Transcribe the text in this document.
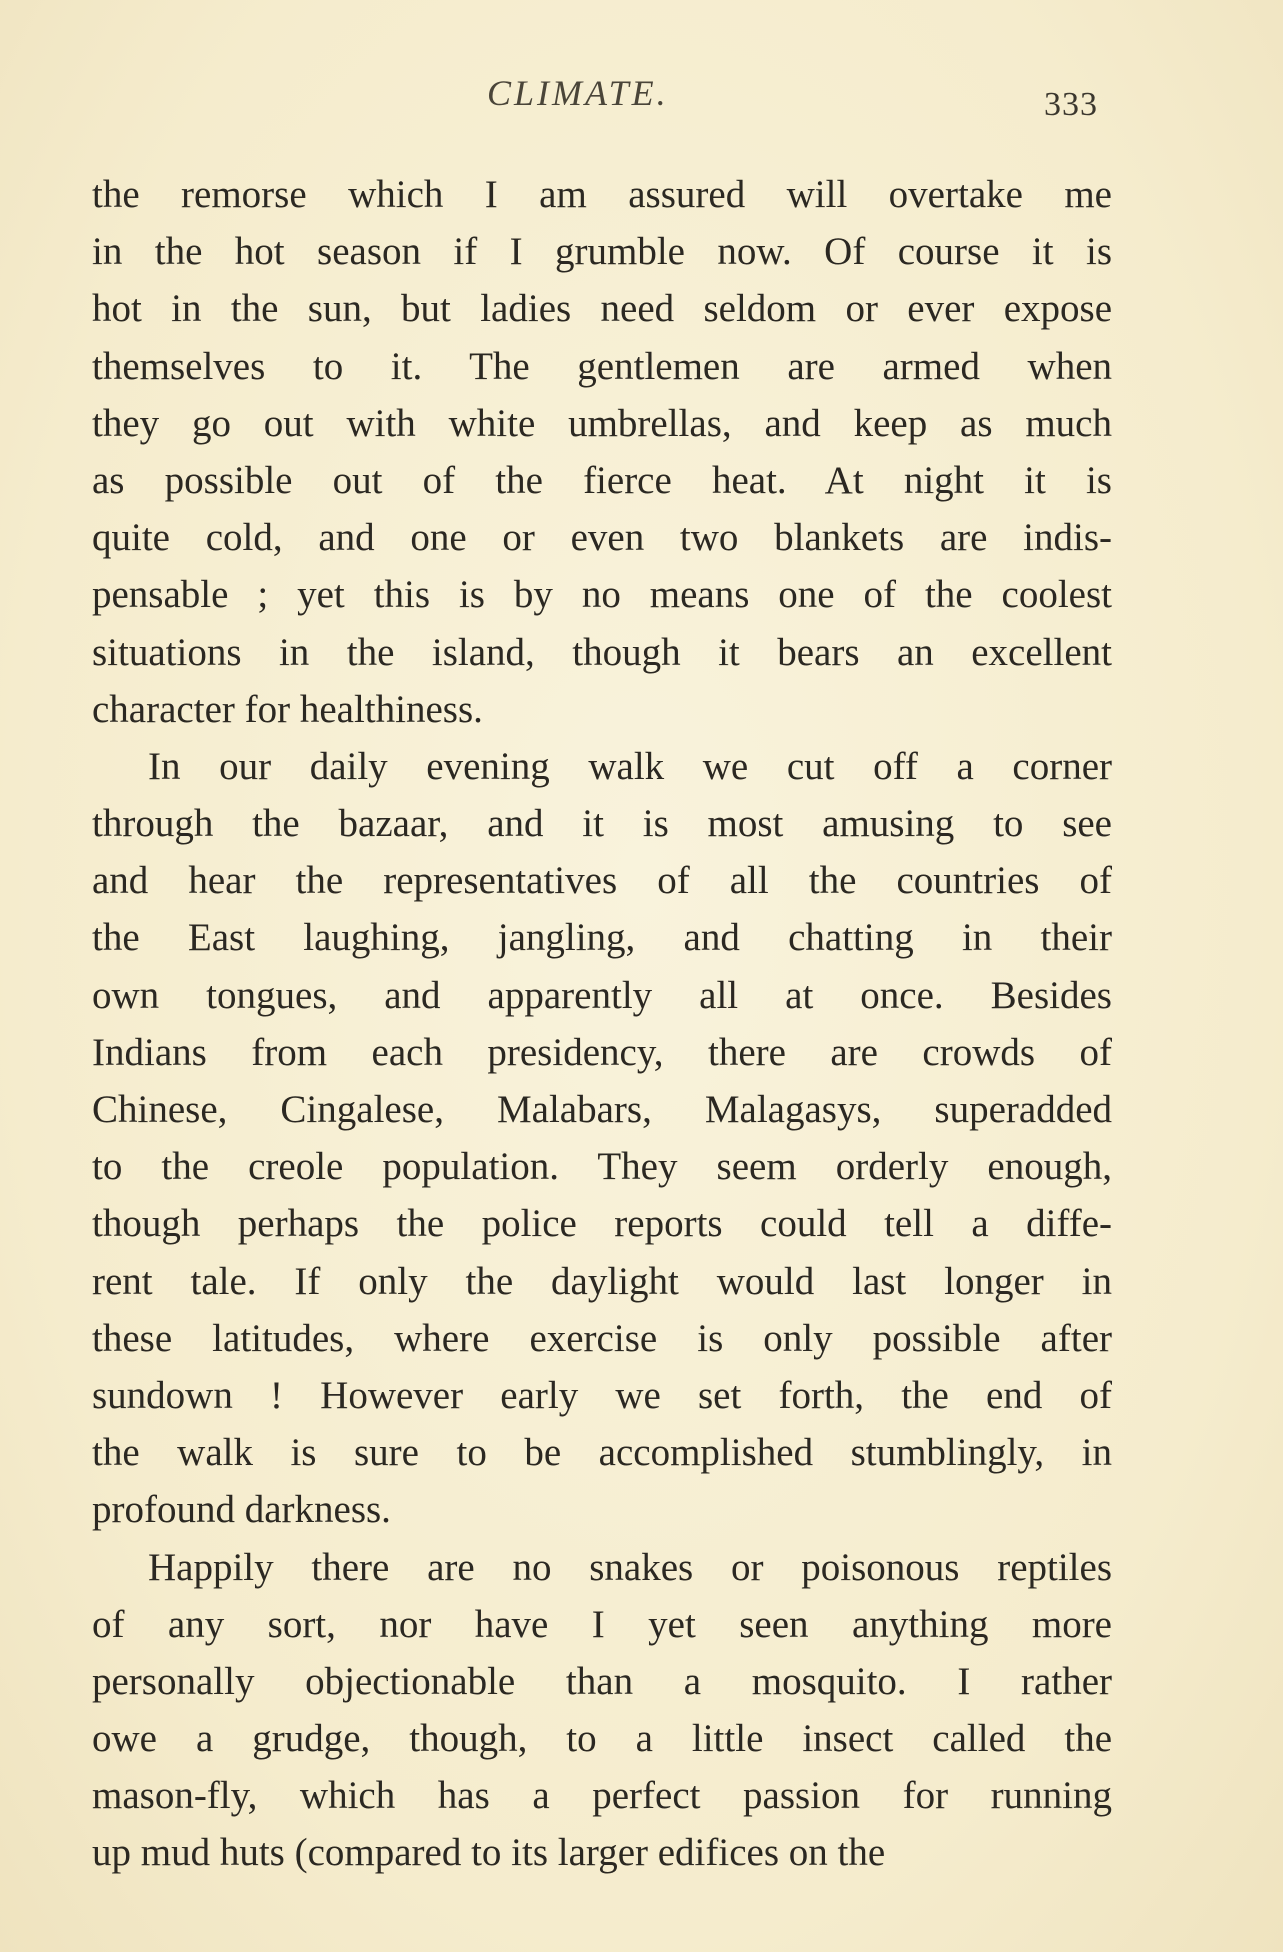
CLIMATE.	333
the remorse which I am assured will overtake me
in the hot season if I grumble now. Of course it is
hot in the sun, but ladies need seldom or ever expose
themselves to it. The gentlemen are armed when
they go out with white umbrellas, and keep as much
as possible out of the fierce heat. At night it is
quite cold, and one or even two blankets are indis-
pensable ; yet this is by no means one of the coolest
situations in the island, though it bears an excellent
character for healthiness.
In our daily evening walk we cut off a corner
through the bazaar, and it is most amusing to see
and hear the representatives of all the countries of
the East laughing, jangling, and chatting in their
own tongues, and apparently all at once. Besides
Indians from each presidency, there are crowds of
Chinese, Cingalese, Malabars, Malagasys, superadded
to the creole population. They seem orderly enough,
though perhaps the police reports could tell a diffe-
rent tale. If only the daylight would last longer in
these latitudes, where exercise is only possible after
sundown ! However early we set forth, the end of
the walk is sure to be accomplished stumblingly, in
profound darkness.
Happily there are no snakes or poisonous reptiles
of any sort, nor have I yet seen anything more
personally objectionable than a mosquito. I rather
owe a grudge, though, to a little insect called the
mason-fly, which has a perfect passion for running
up mud huts (compared to its larger edifices on the
